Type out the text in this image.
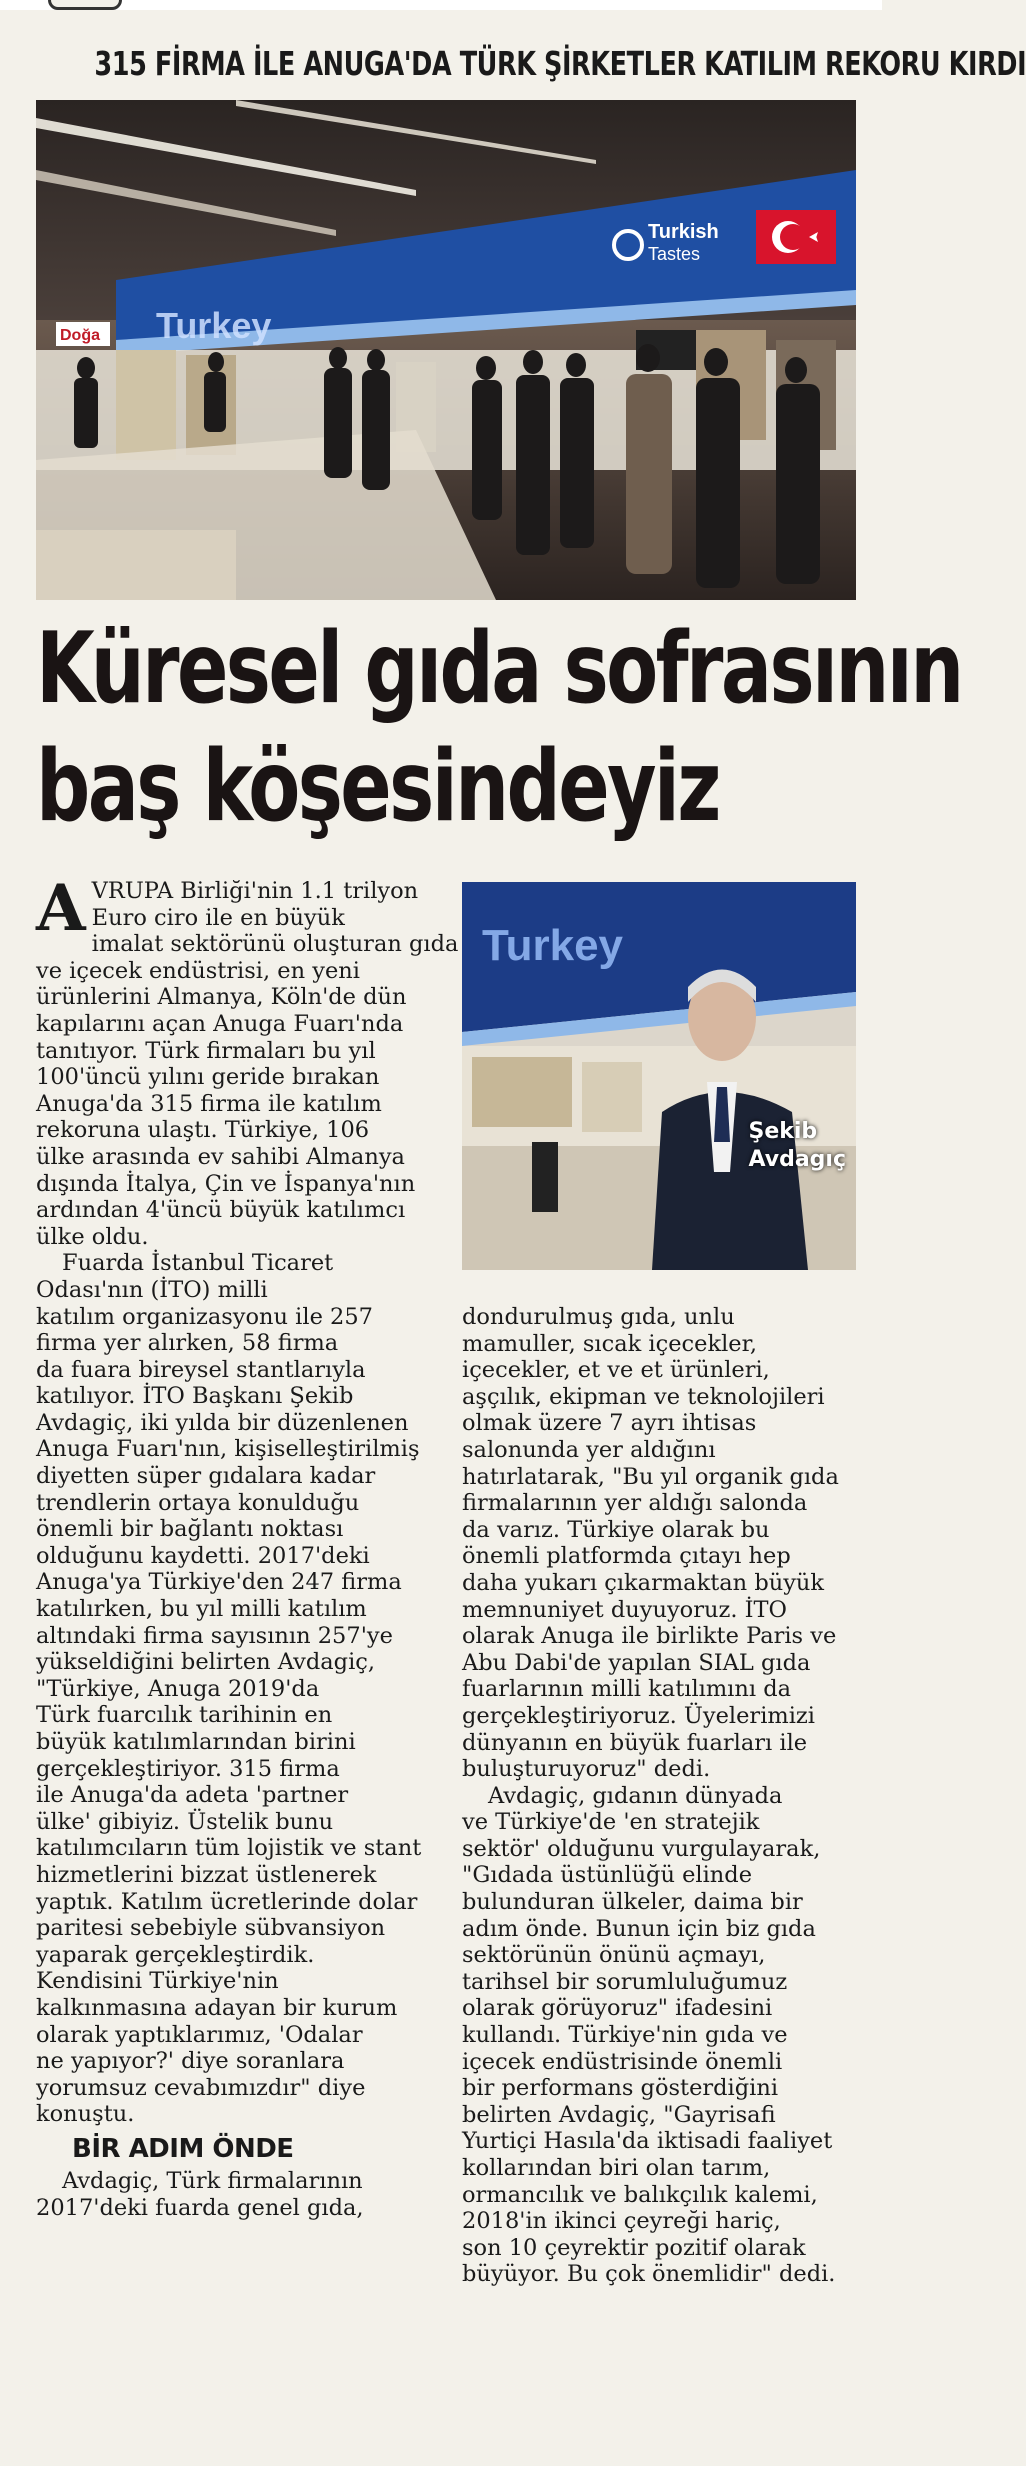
315 FİRMA İLE ANUGA'DA TÜRK ŞİRKETLER KATILIM REKORU KIRDI
Turkey
Turkish
Tastes
Doğa
Küresel gıda sofrasının
baş köşesindeyiz
Turkey
Şekib
Avdagıç
A VRUPA Birliği'nin 1.1 trilyon
Euro ciro ile en büyük
imalat sektörünü oluşturan gıda
ve içecek endüstrisi, en yeni
ürünlerini Almanya, Köln'de dün
kapılarını açan Anuga Fuarı'nda
tanıtıyor. Türk firmaları bu yıl
100'üncü yılını geride bırakan
Anuga'da 315 firma ile katılım
rekoruna ulaştı. Türkiye, 106
ülke arasında ev sahibi Almanya
dışında İtalya, Çin ve İspanya'nın
ardından 4'üncü büyük katılımcı
ülke oldu.
Fuarda İstanbul Ticaret
Odası'nın (İTO) milli
katılım organizasyonu ile 257
firma yer alırken, 58 firma
da fuara bireysel stantlarıyla
katılıyor. İTO Başkanı Şekib
Avdagiç, iki yılda bir düzenlenen
Anuga Fuarı'nın, kişiselleştirilmiş
diyetten süper gıdalara kadar
trendlerin ortaya konulduğu
önemli bir bağlantı noktası
olduğunu kaydetti. 2017'deki
Anuga'ya Türkiye'den 247 firma
katılırken, bu yıl milli katılım
altındaki firma sayısının 257'ye
yükseldiğini belirten Avdagiç,
"Türkiye, Anuga 2019'da
Türk fuarcılık tarihinin en
büyük katılımlarından birini
gerçekleştiriyor. 315 firma
ile Anuga'da adeta 'partner
ülke' gibiyiz. Üstelik bunu
katılımcıların tüm lojistik ve stant
hizmetlerini bizzat üstlenerek
yaptık. Katılım ücretlerinde dolar
paritesi sebebiyle sübvansiyon
yaparak gerçekleştirdik.
Kendisini Türkiye'nin
kalkınmasına adayan bir kurum
olarak yaptıklarımız, 'Odalar
ne yapıyor?' diye soranlara
yorumsuz cevabımızdır" diye
konuştu.
BİR ADIM ÖNDE
Avdagiç, Türk firmalarının
2017'deki fuarda genel gıda,
dondurulmuş gıda, unlu
mamuller, sıcak içecekler,
içecekler, et ve et ürünleri,
aşçılık, ekipman ve teknolojileri
olmak üzere 7 ayrı ihtisas
salonunda yer aldığını
hatırlatarak, "Bu yıl organik gıda
firmalarının yer aldığı salonda
da varız. Türkiye olarak bu
önemli platformda çıtayı hep
daha yukarı çıkarmaktan büyük
memnuniyet duyuyoruz. İTO
olarak Anuga ile birlikte Paris ve
Abu Dabi'de yapılan SIAL gıda
fuarlarının milli katılımını da
gerçekleştiriyoruz. Üyelerimizi
dünyanın en büyük fuarları ile
buluşturuyoruz" dedi.
Avdagiç, gıdanın dünyada
ve Türkiye'de 'en stratejik
sektör' olduğunu vurgulayarak,
"Gıdada üstünlüğü elinde
bulunduran ülkeler, daima bir
adım önde. Bunun için biz gıda
sektörünün önünü açmayı,
tarihsel bir sorumluluğumuz
olarak görüyoruz" ifadesini
kullandı. Türkiye'nin gıda ve
içecek endüstrisinde önemli
bir performans gösterdiğini
belirten Avdagiç, "Gayrisafi
Yurtiçi Hasıla'da iktisadi faaliyet
kollarından biri olan tarım,
ormancılık ve balıkçılık kalemi,
2018'in ikinci çeyreği hariç,
son 10 çeyrektir pozitif olarak
büyüyor. Bu çok önemlidir" dedi.
